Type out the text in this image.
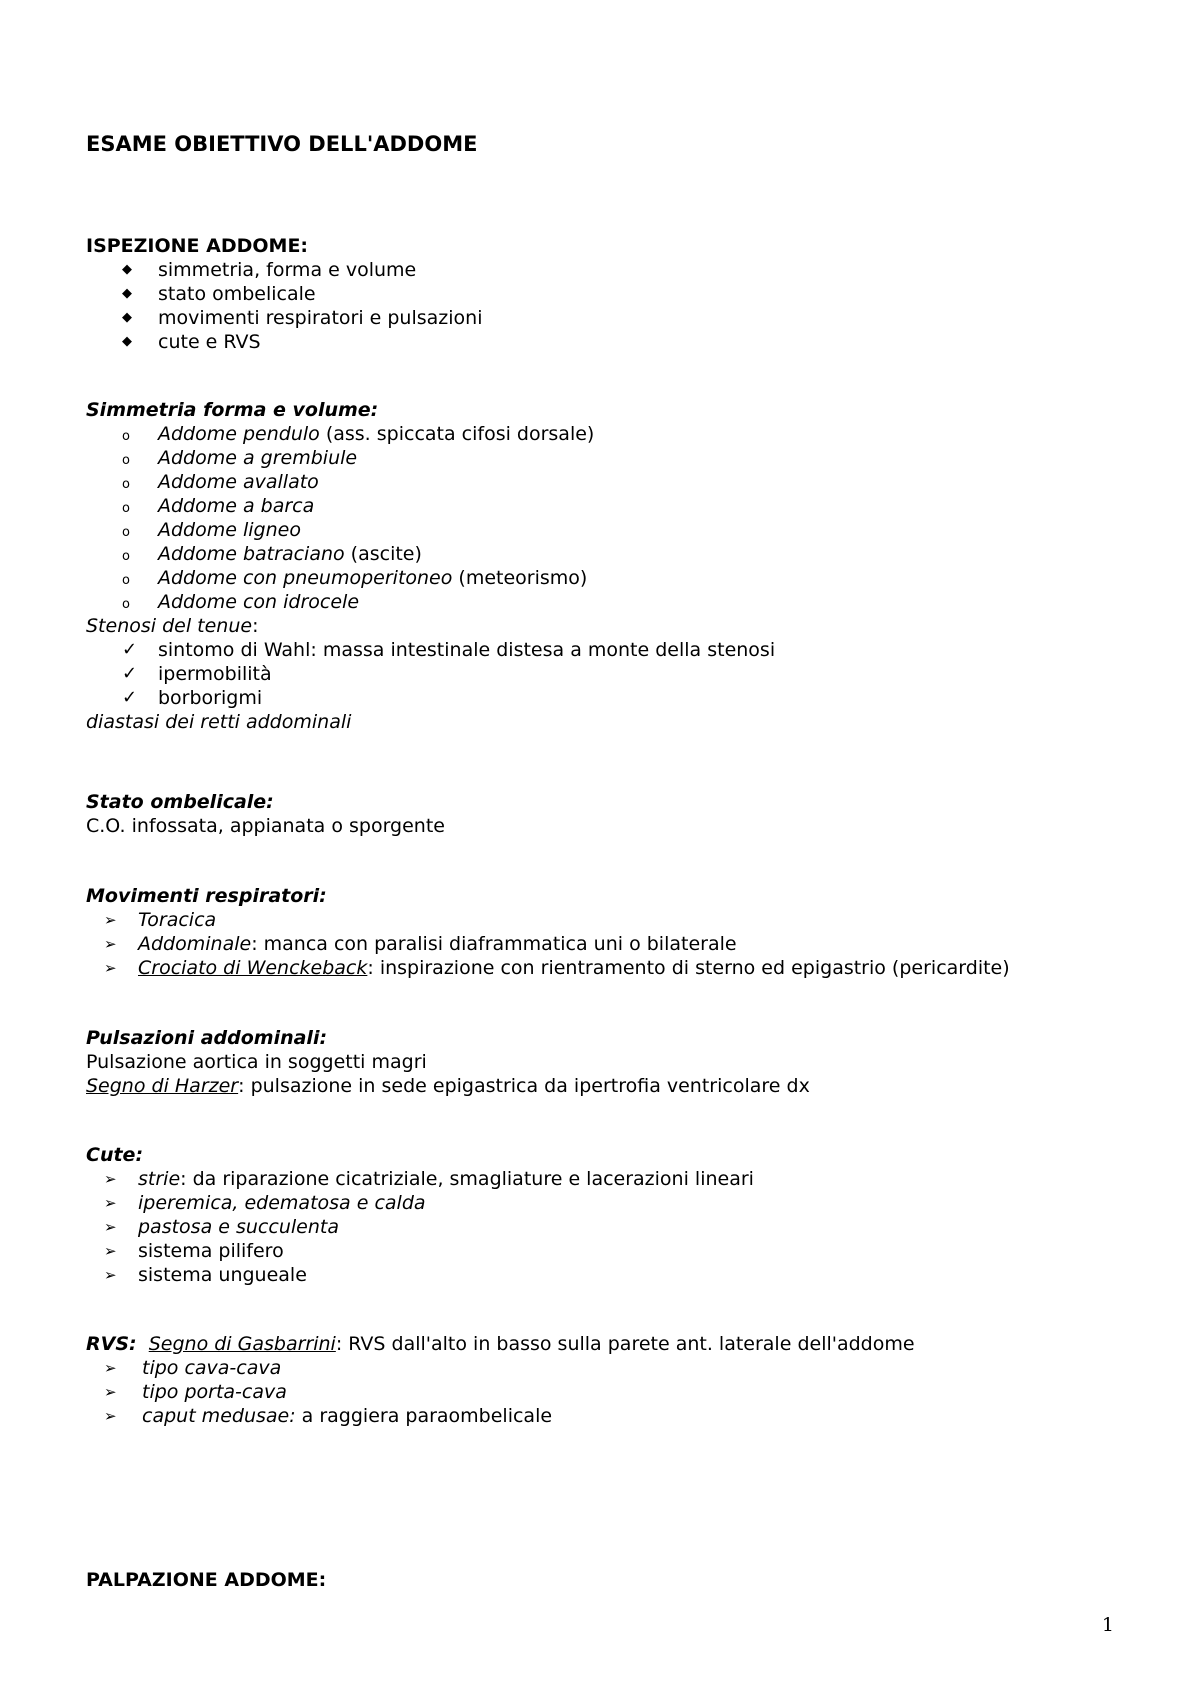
ESAME OBIETTIVO DELL'ADDOME
ISPEZIONE ADDOME:
◆ simmetria, forma e volume
◆ stato ombelicale
◆ movimenti respiratori e pulsazioni
◆ cute e RVS
Simmetria forma e volume:
o Addome pendulo (ass. spiccata cifosi dorsale)
o Addome a grembiule
o Addome avallato
o Addome a barca
o Addome ligneo
o Addome batraciano (ascite)
o Addome con pneumoperitoneo (meteorismo)
o Addome con idrocele
Stenosi del tenue:
✓ sintomo di Wahl: massa intestinale distesa a monte della stenosi
✓ ipermobilità
✓ borborigmi
diastasi dei retti addominali
Stato ombelicale:
C.O. infossata, appianata o sporgente
Movimenti respiratori:
➢ Toracica
➢ Addominale: manca con paralisi diaframmatica uni o bilaterale
➢ Crociato di Wenckeback: inspirazione con rientramento di sterno ed epigastrio (pericardite)
Pulsazioni addominali:
Pulsazione aortica in soggetti magri
Segno di Harzer: pulsazione in sede epigastrica da ipertrofia ventricolare dx
Cute:
➢ strie: da riparazione cicatriziale, smagliature e lacerazioni lineari
➢ iperemica, edematosa e calda
➢ pastosa e succulenta
➢ sistema pilifero
➢ sistema ungueale
RVS: Segno di Gasbarrini: RVS dall'alto in basso sulla parete ant. laterale dell'addome
➢ tipo cava-cava
➢ tipo porta-cava
➢ caput medusae: a raggiera paraombelicale
PALPAZIONE ADDOME:
1
